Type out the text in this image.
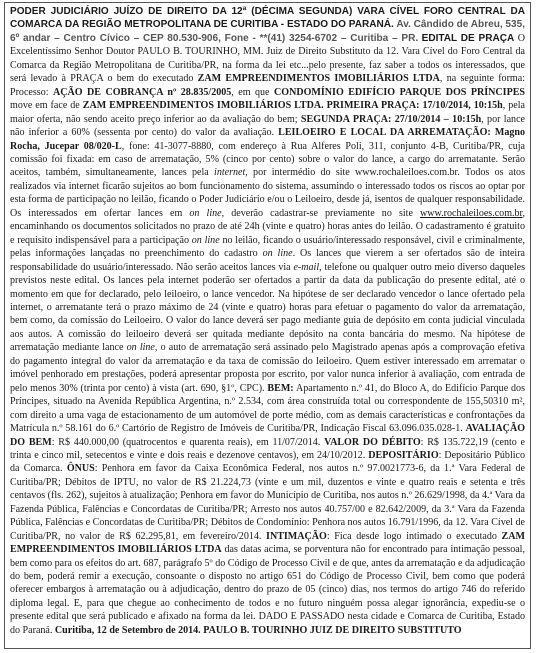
PODER JUDICIÁRIO JUÍZO DE DIREITO DA 12ª (DÉCIMA SEGUNDA) VARA CÍVEL FORO CENTRAL DA COMARCA DA REGIÃO METROPOLITANA DE CURITIBA - ESTADO DO PARANÁ. Av. Cândido de Abreu, 535, 6º andar – Centro Cívico – CEP 80.530-906, Fone - **(41) 3254-6702 – Curitiba – PR. EDITAL DE PRAÇA O Excelentíssimo Senhor Doutor PAULO B. TOURINHO, MM. Juiz de Direito Substituto da 12. Vara Cível do Foro Central da Comarca da Região Metropolitana de Curitiba/PR, na forma da lei etc...pelo presente, faz saber a todos os interessados, que será levado à PRAÇA o bem do executado ZAM EMPREENDIMENTOS IMOBILIÁRIOS LTDA, na seguinte forma: Processo: AÇÃO DE COBRANÇA nº 28.835/2005, em que CONDOMÍNIO EDIFÍCIO PARQUE DOS PRÍNCIPES move em face de ZAM EMPREENDIMENTOS IMOBILIÁRIOS LTDA. PRIMEIRA PRAÇA: 17/10/2014, 10:15h, pela maior oferta, não sendo aceito preço inferior ao da avaliação do bem; SEGUNDA PRAÇA: 27/10/2014 – 10:15h, por lance não inferior a 60% (sessenta por cento) do valor da avaliação. LEILOEIRO E LOCAL DA ARREMATAÇÃO: Magno Rocha, Jucepar 08/020-L, fone: 41-3077-8880, com endereço à Rua Alferes Poli, 311, conjunto 4-B, Curitiba/PR, cuja comissão foi fixada: em caso de arrematação, 5% (cinco por cento) sobre o valor do lance, a cargo do arrematante. Serão aceitos, também, simultaneamente, lances pela internet, por intermédio do site www.rochaleiloes.com.br. Todos os atos realizados via internet ficarão sujeitos ao bom funcionamento do sistema, assumindo o interessado todos os riscos ao optar por esta forma de participação no leilão, ficando o Poder Judiciário e/ou o Leiloeiro, desde já, isentos de qualquer responsabilidade. Os interessados em ofertar lances em on line, deverão cadastrar-se previamente no site www.rochaleiloes.com.br, encaminhando os documentos solicitados no prazo de até 24h (vinte e quatro) horas antes do leilão. O cadastramento é gratuito e requisito indispensável para a participação on line no leilão, ficando o usuário/interessado responsável, civil e criminalmente, pelas informações lançadas no preenchimento do cadastro on line. Os lances que vierem a ser ofertados são de inteira responsabilidade do usuário/interessado. Não serão aceitos lances via e-mail, telefone ou qualquer outro meio diverso daqueles previstos neste edital. Os lances pela internet poderão ser ofertados a partir da data da publicação do presente edital, até o momento em que for declarado, pelo leiloeiro, o lance vencedor. Na hipótese de ser declarado vencedor o lance ofertado pela internet, o arrematante terá o prazo máximo de 24 (vinte e quatro) horas para efetuar o pagamento do valor da arrematação, bem como, da comissão do Leiloeiro. O valor do lance deverá ser pago mediante guia de depósito em conta judicial vinculada aos autos. A comissão do leiloeiro deverá ser quitada mediante depósito na conta bancária do mesmo. Na hipótese de arrematação mediante lance on line, o auto de arrematação será assinado pelo Magistrado apenas após a comprovação efetiva do pagamento integral do valor da arrematação e da taxa de comissão do leiloeiro. Quem estiver interessado em arrematar o imóvel penhorado em prestações, poderá apresentar proposta por escrito, por valor nunca inferior à avaliação, com entrada de pelo menos 30% (trinta por cento) à vista (art. 690, §1º, CPC). BEM: Apartamento n.º 41, do Bloco A, do Edifício Parque dos Príncipes, situado na Avenida República Argentina, n.º 2.534, com área construída total ou correspondente de 155,50310 m², com direito a uma vaga de estacionamento de um automóvel de porte médio, com as demais características e confrontações da Matrícula n.º 58.161 do 6.º Cartório de Registro de Imóveis de Curitiba/PR, Indicação Fiscal 63.096.035.028-1. AVALIAÇÃO DO BEM: R$ 440.000,00 (quatrocentos e quarenta reais), em 11/07/2014. VALOR DO DÉBITO: R$ 135.722,19 (cento e trinta e cinco mil, setecentos e vinte e dois reais e dezenove centavos), em 24/10/2012. DEPOSITÁRIO: Depositário Público da Comarca. ÔNUS: Penhora em favor da Caixa Econômica Federal, nos autos n.º 97.0021773-6, da 1.ª Vara Federal de Curitiba/PR; Débitos de IPTU, no valor de R$ 21.224,73 (vinte e um mil, duzentos e vinte e quatro reais e setenta e três centavos (fls. 262), sujeitos à atualização; Penhora em favor do Município de Curitiba, nos autos n.º 26.629/1998, da 4.ª Vara da Fazenda Pública, Falências e Concordatas de Curitiba/PR; Arresto nos autos 40.757/00 e 82.642/2009, da 3.ª Vara da Fazenda Pública, Falências e Concordatas de Curitiba/PR; Débitos de Condomínio: Penhora nos autos 16.791/1996, da 12. Vara Cível de Curitiba/PR, no valor de R$ 62.295,81, em fevereiro/2014. INTIMAÇÃO: Fica desde logo intimado o executado ZAM EMPREENDIMENTOS IMOBILIÁRIOS LTDA das datas acima, se porventura não for encontrado para intimação pessoal, bem como para os efeitos do art. 687, parágrafo 5º do Código de Processo Civil e de que, antes da arrematação e da adjudicação do bem, poderá remir a execução, consoante o disposto no artigo 651 do Código de Processo Civil, bem como que poderá oferecer embargos à arrematação ou à adjudicação, dentro do prazo de 05 (cinco) dias, nos termos do artigo 746 do referido diploma legal. E, para que chegue ao conhecimento de todos e no futuro ninguém possa alegar ignorância, expediu-se o presente edital que será publicado e afixado na forma da lei. DADO E PASSADO nesta cidade e Comarca de Curitiba, Estado do Paraná. Curitiba, 12 de Setembro de 2014. PAULO B. TOURINHO JUIZ DE DIREITO SUBSTITUTO
